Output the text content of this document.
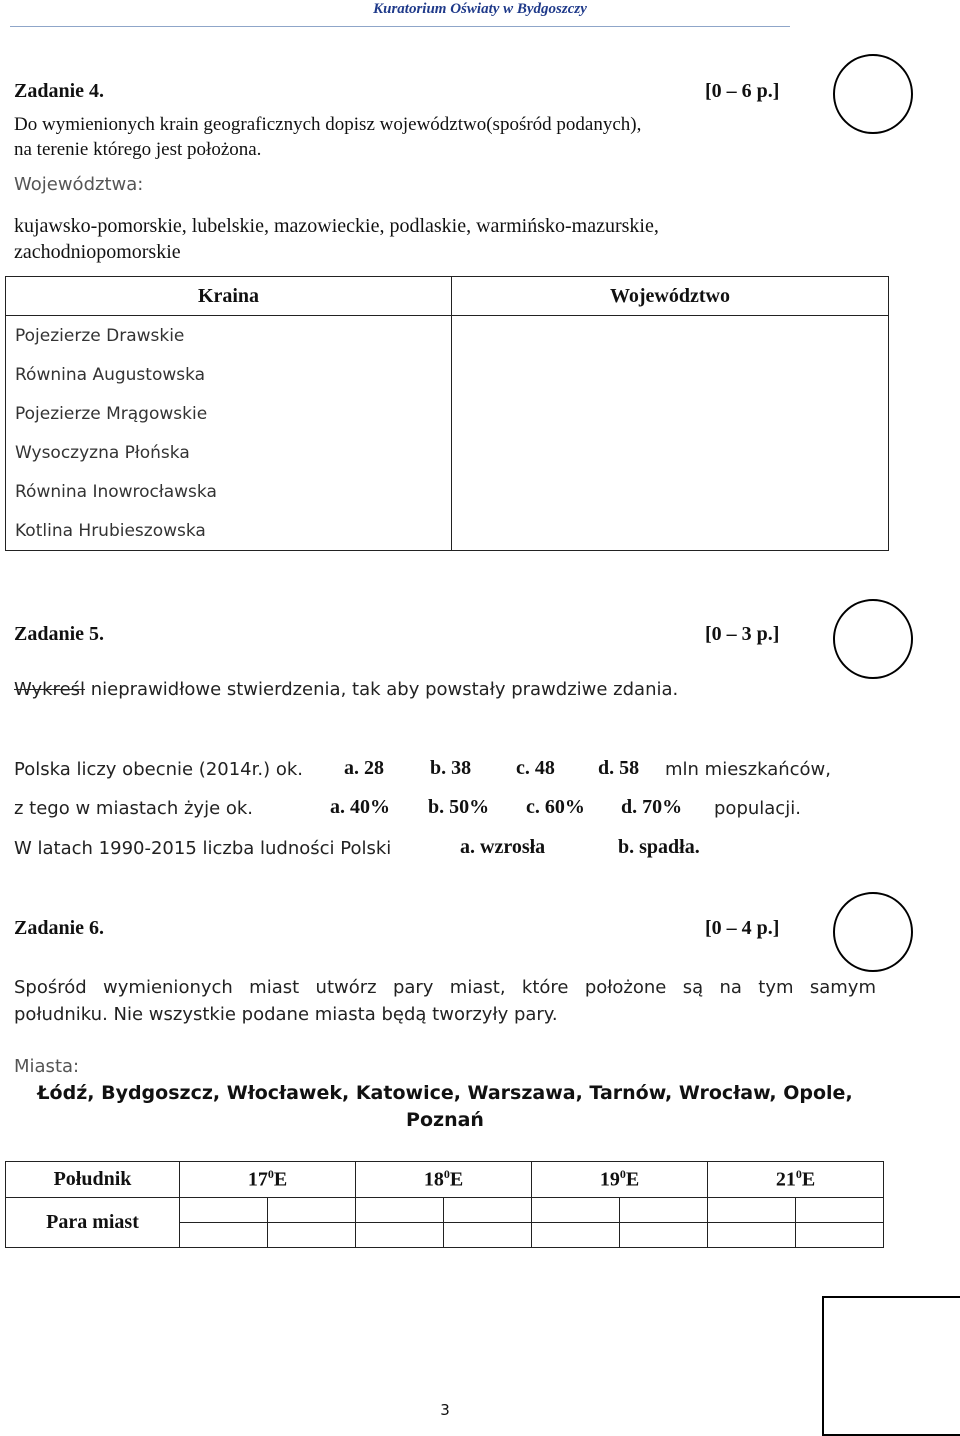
Kuratorium Oświaty w Bydgoszczy
Zadanie 4.	[0 – 6 p.]
Do wymienionych krain geograficznych dopisz województwo(spośród podanych),
na terenie którego jest położona.
Województwa:
kujawsko-pomorskie, lubelskie, mazowieckie, podlaskie, warmińsko-mazurskie,
zachodniopomorskie
Kraina	Województwo
Pojezierze Drawskie	
Równina Augustowska	
Pojezierze Mrągowskie	
Wysoczyzna Płońska	
Równina Inowrocławska	
Kotlina Hrubieszowska	
Zadanie 5.	[0 – 3 p.]
Wykreśl nieprawidłowe stwierdzenia, tak aby powstały prawdziwe zdania.
Polska liczy obecnie (2014r.) ok. a. 28 b. 38 c. 48 d. 58 mln mieszkańców,
z tego w miastach żyje ok.	a. 40% b. 50% c. 60% d. 70% populacji.
W latach 1990-2015 liczba ludności Polski	a. wzrosła	b. spadła.
Zadanie 6.	[0 – 4 p.]
Spośród wymienionych miast utwórz pary miast, które położone są na tym samym
południku. Nie wszystkie podane miasta będą tworzyły pary.
Miasta:
Łódź, Bydgoszcz, Włocławek, Katowice, Warszawa, Tarnów, Wrocław, Opole,
Poznań
Południk	$17^0E$		$18^0E$		$19^0E$		$21^0E$	
Para miast								

3
